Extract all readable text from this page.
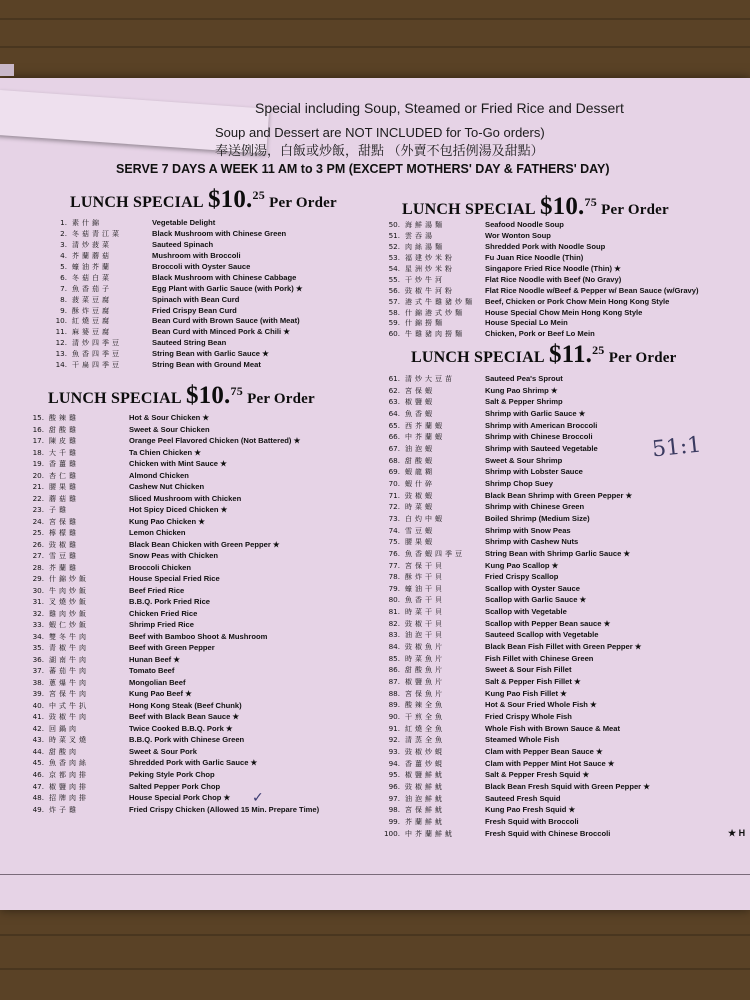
Special including Soup, Steamed or Fried Rice and Dessert
Soup and Dessert are NOT INCLUDED for To-Go orders)
奉送例湯，白飯或炒飯，甜點 （外賣不包括例湯及甜點）
SERVE 7 DAYS A WEEK 11 AM to 3 PM (EXCEPT MOTHERS' DAY & FATHERS' DAY)
LUNCH SPECIAL $10.25 Per Order
1. 素什錦	Vegetable Delight
2. 冬菇青江菜	Black Mushroom with Chinese Green
3. 清炒菠菜	Sauteed Spinach
4. 芥蘭蘑菇	Mushroom with Broccoli
5. 蠔油芥蘭	Broccoli with Oyster Sauce
6. 冬菇白菜	Black Mushroom with Chinese Cabbage
7. 魚香茄子	Egg Plant with Garlic Sauce (with Pork) ★
8. 菠菜豆腐	Spinach with Bean Curd
9. 酥炸豆腐	Fried Crispy Bean Curd
10. 紅燒豆腐	Bean Curd with Brown Sauce (with Meat)
11. 麻婆豆腐	Bean Curd with Minced Pork & Chili ★
12. 清炒四季豆	Sauteed String Bean
13. 魚香四季豆	String Bean with Garlic Sauce ★
14. 干扁四季豆	String Bean with Ground Meat
LUNCH SPECIAL $10.75 Per Order
15. 酸辣雞	Hot & Sour Chicken ★
16. 甜酸雞	Sweet & Sour Chicken
17. 陳皮雞	Orange Peel Flavored Chicken (Not Battered) ★
18. 大千雞	Ta Chien Chicken ★
19. 香薑雞	Chicken with Mint Sauce ★
20. 杏仁雞	Almond Chicken
21. 腰果雞	Cashew Nut Chicken
22. 蘑菇雞	Sliced Mushroom with Chicken
23. 子雞	Hot Spicy Diced Chicken ★
24. 宮保雞	Kung Pao Chicken ★
25. 檸檬雞	Lemon Chicken
26. 豉椒雞	Black Bean Chicken with Green Pepper ★
27. 雪豆雞	Snow Peas with Chicken
28. 芥蘭雞	Broccoli Chicken
29. 什錦炒飯	House Special Fried Rice
30. 牛肉炒飯	Beef Fried Rice
31. 叉燒炒飯	B.B.Q. Pork Fried Rice
32. 雞肉炒飯	Chicken Fried Rice
33. 蝦仁炒飯	Shrimp Fried Rice
34. 雙冬牛肉	Beef with Bamboo Shoot & Mushroom
35. 青椒牛肉	Beef with Green Pepper
36. 湖南牛肉	Hunan Beef ★
37. 蕃茄牛肉	Tomato Beef
38. 蔥爆牛肉	Mongolian Beef
39. 宮保牛肉	Kung Pao Beef ★
40. 中式牛扒	Hong Kong Steak (Beef Chunk)
41. 豉椒牛肉	Beef with Black Bean Sauce ★
42. 回鍋肉	Twice Cooked B.B.Q. Pork ★
43. 時菜叉燒	B.B.Q. Pork with Chinese Green
44. 甜酸肉	Sweet & Sour Pork
45. 魚香肉絲	Shredded Pork with Garlic Sauce ★
46. 京都肉排	Peking Style Pork Chop
47. 椒鹽肉排	Salted Pepper Pork Chop
48. 招牌肉排	House Special Pork Chop ★
49. 炸子雞	Fried Crispy Chicken (Allowed 15 Min. Prepare Time)
LUNCH SPECIAL $10.75 Per Order
50. 海鮮湯麵	Seafood Noodle Soup
51. 雲吞湯	Wor Wonton Soup
52. 肉絲湯麵	Shredded Pork with Noodle Soup
53. 福建炒米粉	Fu Juan Rice Noodle (Thin)
54. 星洲炒米粉	Singapore Fried Rice Noodle (Thin) ★
55. 干炒牛河	Flat Rice Noodle with Beef (No Gravy)
56. 豉椒牛河粉	Flat Rice Noodle w/Beef & Pepper w/ Bean Sauce (w/Gravy)
57. 港式牛雞豬炒麵	Beef, Chicken or Pork Chow Mein Hong Kong Style
58. 什錦港式炒麵	House Special Chow Mein Hong Kong Style
59. 什錦撈麵	House Special Lo Mein
60. 牛雞豬肉撈麵	Chicken, Pork or Beef Lo Mein
LUNCH SPECIAL $11.25 Per Order
61. 清炒大豆苗	Sauteed Pea's Sprout
62. 宮保蝦	Kung Pao Shrimp ★
63. 椒鹽蝦	Salt & Pepper Shrimp
64. 魚香蝦	Shrimp with Garlic Sauce ★
65. 西芥蘭蝦	Shrimp with American Broccoli
66. 中芥蘭蝦	Shrimp with Chinese Broccoli
67. 油泡蝦	Shrimp with Sauteed Vegetable
68. 甜酸蝦	Sweet & Sour Shrimp
69. 蝦龍糊	Shrimp with Lobster Sauce
70. 蝦什碎	Shrimp Chop Suey
71. 豉椒蝦	Black Bean Shrimp with Green Pepper ★
72. 時菜蝦	Shrimp with Chinese Green
73. 白灼中蝦	Boiled Shrimp (Medium Size)
74. 雪豆蝦	Shrimp with Snow Peas
75. 腰果蝦	Shrimp with Cashew Nuts
76. 魚香蝦四季豆	String Bean with Shrimp Garlic Sauce ★
77. 宮保干貝	Kung Pao Scallop ★
78. 酥炸干貝	Fried Crispy Scallop
79. 蠔油干貝	Scallop with Oyster Sauce
80. 魚香干貝	Scallop with Garlic Sauce ★
81. 時菜干貝	Scallop with Vegetable
82. 豉椒干貝	Scallop with Pepper Bean sauce ★
83. 油泡干貝	Sauteed Scallop with Vegetable
84. 豉椒魚片	Black Bean Fish Fillet with Green Pepper ★
85. 時菜魚片	Fish Fillet with Chinese Green
86. 甜酸魚片	Sweet & Sour Fish Fillet
87. 椒鹽魚片	Salt & Pepper Fish Fillet ★
88. 宮保魚片	Kung Pao Fish Fillet ★
89. 酸辣全魚	Hot & Sour Fried Whole Fish ★
90. 干煎全魚	Fried Crispy Whole Fish
91. 紅燒全魚	Whole Fish with Brown Sauce & Meat
92. 清蒸全魚	Steamed Whole Fish
93. 豉椒炒蜆	Clam with Pepper Bean Sauce ★
94. 香薑炒蜆	Clam with Pepper Mint Hot Sauce ★
95. 椒鹽鮮魷	Salt & Pepper Fresh Squid ★
96. 豉椒鮮魷	Black Bean Fresh Squid with Green Pepper ★
97. 油泡鮮魷	Sauteed Fresh Squid
98. 宮保鮮魷	Kung Pao Fresh Squid ★
99. 芥蘭鮮魷	Fresh Squid with Broccoli
100. 中芥蘭鮮魷	Fresh Squid with Chinese Broccoli
51:1
✓
★ H
